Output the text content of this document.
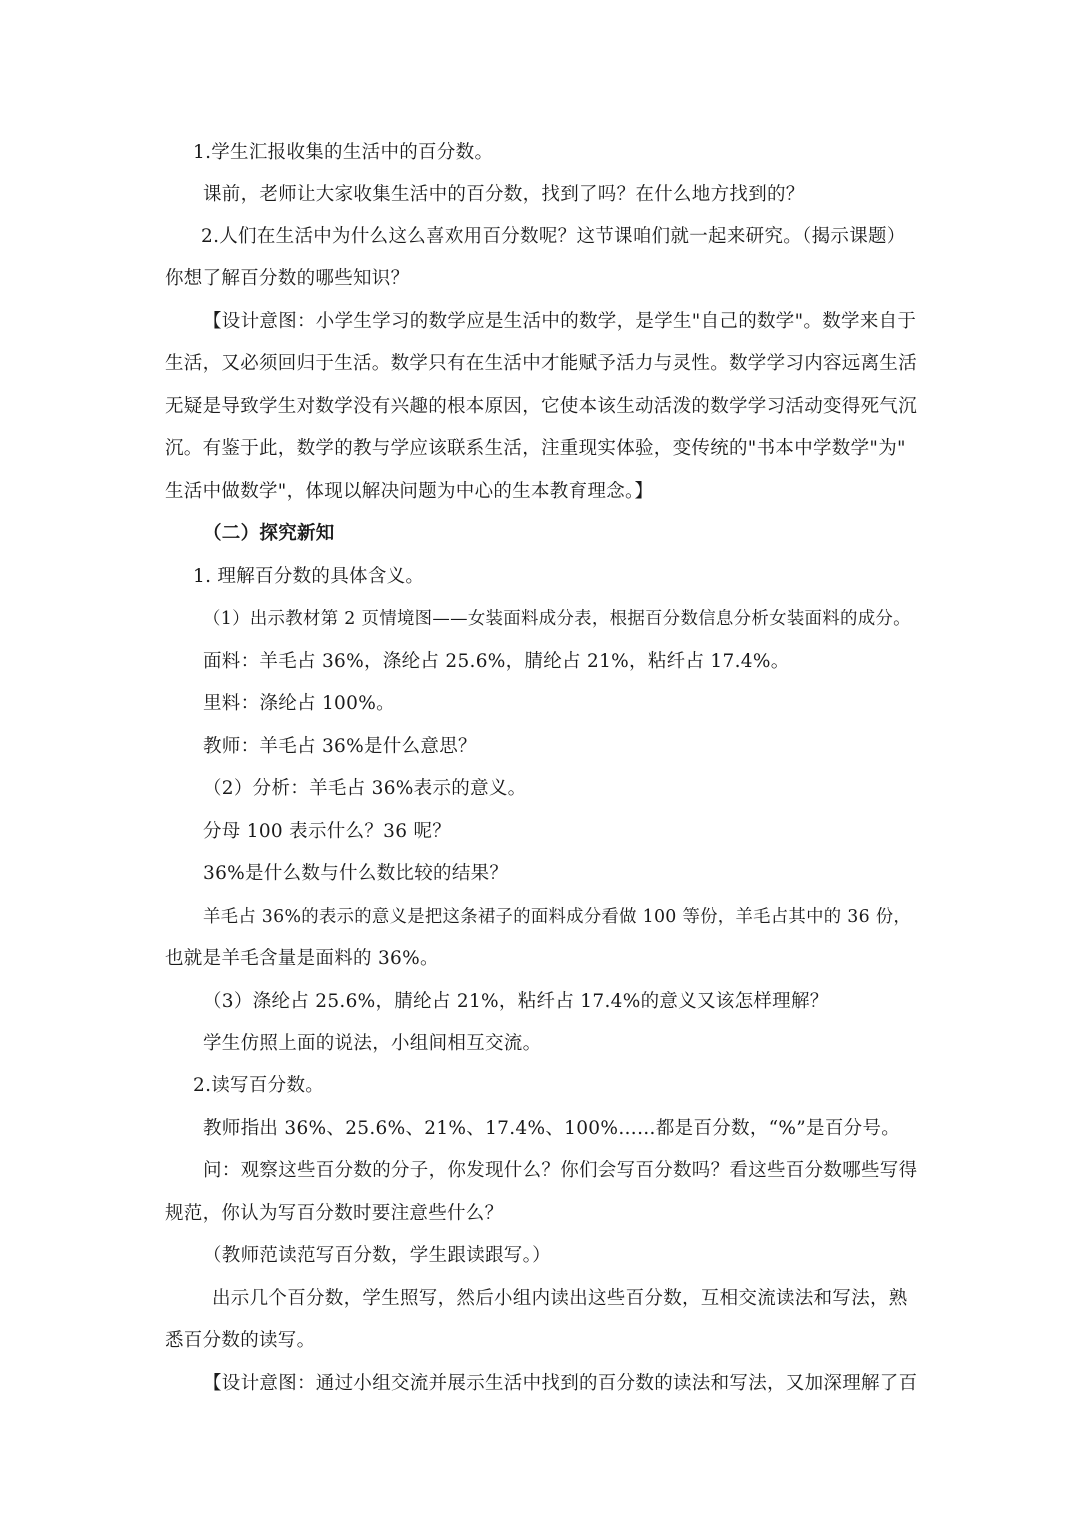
1.学生汇报收集的生活中的百分数。
课前，老师让大家收集生活中的百分数，找到了吗？在什么地方找到的？
2.人们在生活中为什么这么喜欢用百分数呢？这节课咱们就一起来研究。（揭示课题）
你想了解百分数的哪些知识？
【设计意图：小学生学习的数学应是生活中的数学，是学生"自己的数学"。数学来自于
生活，又必须回归于生活。数学只有在生活中才能赋予活力与灵性。数学学习内容远离生活
无疑是导致学生对数学没有兴趣的根本原因，它使本该生动活泼的数学学习活动变得死气沉
沉。有鉴于此，数学的教与学应该联系生活，注重现实体验，变传统的"书本中学数学"为"
生活中做数学"，体现以解决问题为中心的生本教育理念。】
（二）探究新知
1. 理解百分数的具体含义。
（1）出示教材第 2 页情境图——女装面料成分表，根据百分数信息分析女装面料的成分。
面料：羊毛占 36%，涤纶占 25.6%，腈纶占 21%，粘纤占 17.4%。
里料：涤纶占 100%。
教师：羊毛占 36%是什么意思？
（2）分析：羊毛占 36%表示的意义。
分母 100 表示什么？36 呢？
36%是什么数与什么数比较的结果？
羊毛占 36%的表示的意义是把这条裙子的面料成分看做 100 等份，羊毛占其中的 36 份，
也就是羊毛含量是面料的 36%。
（3）涤纶占 25.6%，腈纶占 21%，粘纤占 17.4%的意义又该怎样理解？
学生仿照上面的说法，小组间相互交流。
2.读写百分数。
教师指出 36%、25.6%、21%、17.4%、100%……都是百分数，“%”是百分号。
问：观察这些百分数的分子，你发现什么？你们会写百分数吗？看这些百分数哪些写得
规范，你认为写百分数时要注意些什么？
（教师范读范写百分数，学生跟读跟写。）
出示几个百分数，学生照写，然后小组内读出这些百分数，互相交流读法和写法，熟
悉百分数的读写。
【设计意图：通过小组交流并展示生活中找到的百分数的读法和写法，又加深理解了百
